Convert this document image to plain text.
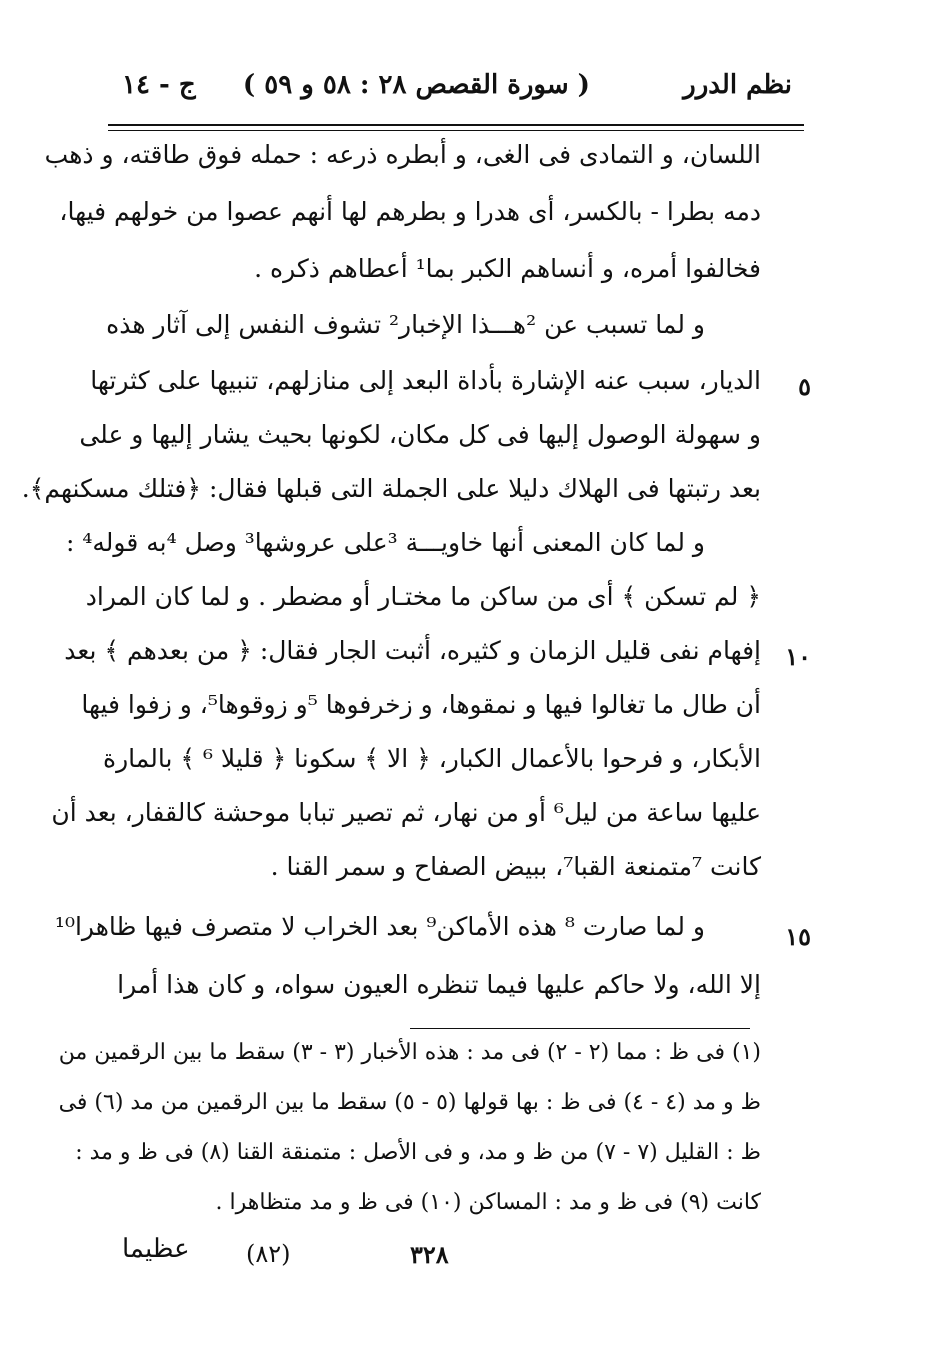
نظم الدرر
( سورة القصص ٢٨ : ٥٨ و ٥٩ )
ج - ١٤
اللسان، و التمادى فى الغى، و أبطره ذرعه : حمله فوق طاقته، و ذهب
دمه بطرا - بالكسر، أى هدرا و بطرهم لها أنهم عصوا من خولهم فيها،
فخالفوا أمره، و أنساهم الكبر بما¹ أعطاهم ذكره .
و لما تسبب عن ²هـــذا الإخبار² تشوف النفس إلى آثار هذه
الديار، سبب عنه الإشارة بأداة البعد إلى منازلهم، تنبيها على كثرتها
و سهولة الوصول إليها فى كل مكان، لكونها بحيث يشار إليها و على
بعد رتبتها فى الهلاك دليلا على الجملة التى قبلها فقال: ﴿فتلك مسكنهم﴾.
و لما كان المعنى أنها خاويـــة ³على عروشها³ وصل ⁴به قوله⁴ :
﴿ لم تسكن ﴾ أى من ساكن ما مختـار أو مضطر . و لما كان المراد
إفهام نفى قليل الزمان و كثيره، أثبت الجار فقال: ﴿ من بعدهم ﴾ بعد
أن طال ما تغالوا فيها و نمقوها، و زخرفوها ⁵و زوقوها⁵، و زفوا فيها
الأبكار، و فرحوا بالأعمال الكبار، ﴿ الا ﴾ سكونا ﴿ قليلا ⁶ ﴾ بالمارة
عليها ساعة من ليل⁶ أو من نهار، ثم تصير تبابا موحشة كالقفار، بعد أن
كانت ⁷متمنعة القبا⁷، ببيض الصفاح و سمر القنا .
و لما صارت ⁸ هذه الأماكن⁹ بعد الخراب لا متصرف فيها ظاهرا¹⁰
إلا الله، ولا حاكم عليها فيما تنظره العيون سواه، و كان هذا أمرا
٥
١٠
١٥
(١) فى ظ : مما (٢ - ٢) فى مد : هذه الأخبار (٣ - ٣) سقط ما بين الرقمين من
ظ و مد (٤ - ٤) فى ظ : بها قولها (٥ - ٥) سقط ما بين الرقمين من مد (٦) فى
ظ : القليل (٧ - ٧) من ظ و مد، و فى الأصل : متمنقة القنا (٨) فى ظ و مد :
كانت (٩) فى ظ و مد : المساكن (١٠) فى ظ و مد متظاهرا .
عظيما (٨٢)	٣٢٨
